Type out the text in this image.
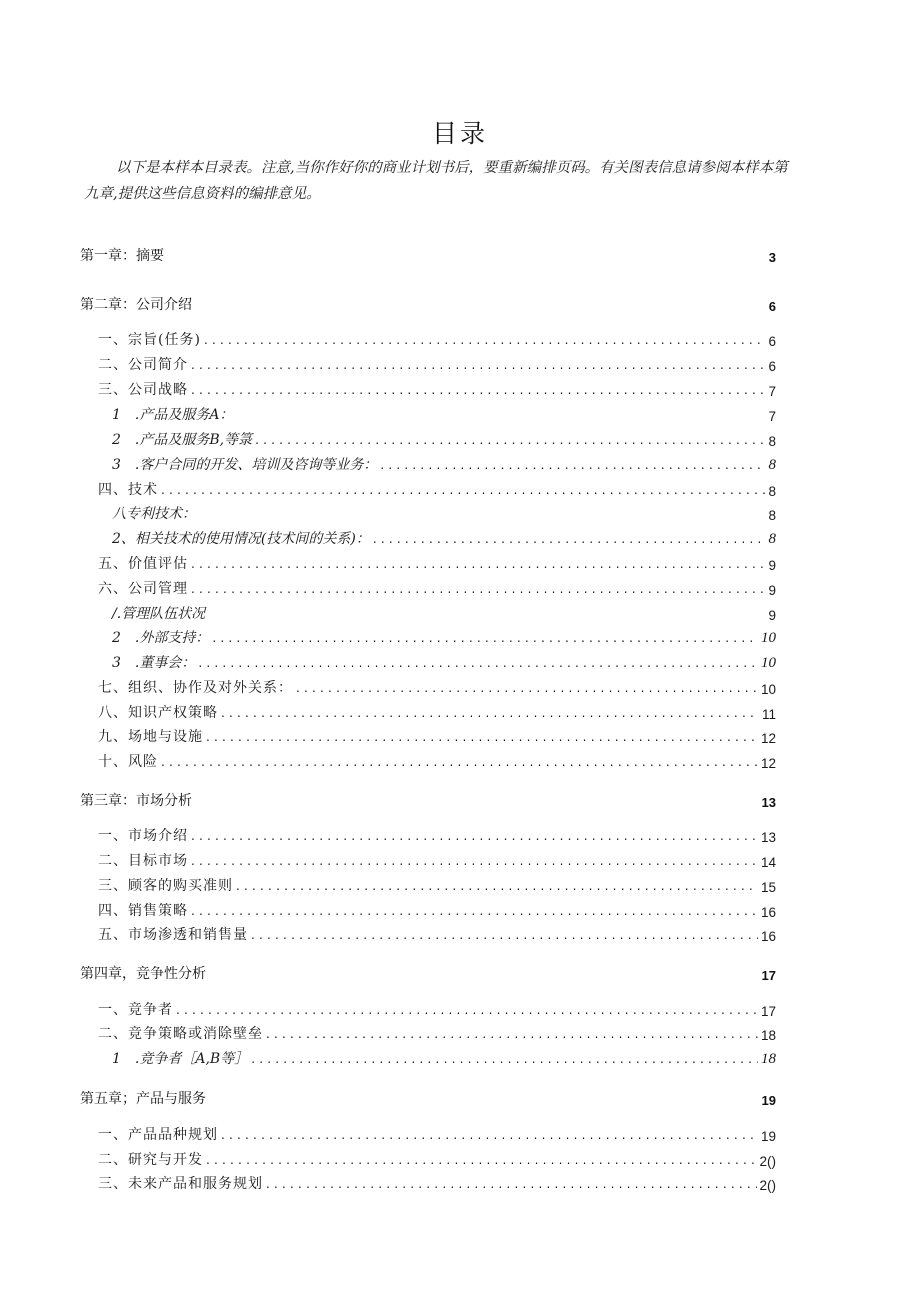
目录
以下是本样本目录表。注意,当你作好你的商业计划书后，要重新编排页码。有关图表信息请参阅本样本第九章,提供这些信息资料的编排意见。
第一章：摘要 .....	3
第二章：公司介绍 .....	6
一、宗旨(任务) .....	6
二、公司简介 .....	6
三、公司战略 .....	7
1　.产品及服务A： .....	7
2　.产品及服务B,等箓 .....	8
3　.客户合同的开发、培训及咨询等业务： .....	8
四、技术 .....	8
八专利技术： .....	8
2、相关技术的使用情况(技术间的关系)： .....	8
五、价值评估 .....	9
六、公司管理 .....	9
/.管理队伍状况 .....	9
2　.外部支持： .....	10
3　.董事会： .....	10
七、组织、协作及对外关系： .....	10
八、知识产权策略 .....	11
九、场地与设施 .....	12
十、风险 .....	12
第三章：市场分析 .....	13
一、市场介绍 .....	13
二、目标市场 .....	14
三、顾客的购买准则 .....	15
四、销售策略 .....	16
五、市场渗透和销售量 .....	16
第四章，竞争性分析 .....	17
一、竞争者 .....	17
二、竞争策略或消除壁垒 .....	18
1　.竞争者［A,B等］ .....	18
第五章；产品与服务 .....	19
一、产品品种规划 .....	19
二、研究与开发 .....	2()
三、未来产品和服务规划 .....	2()
